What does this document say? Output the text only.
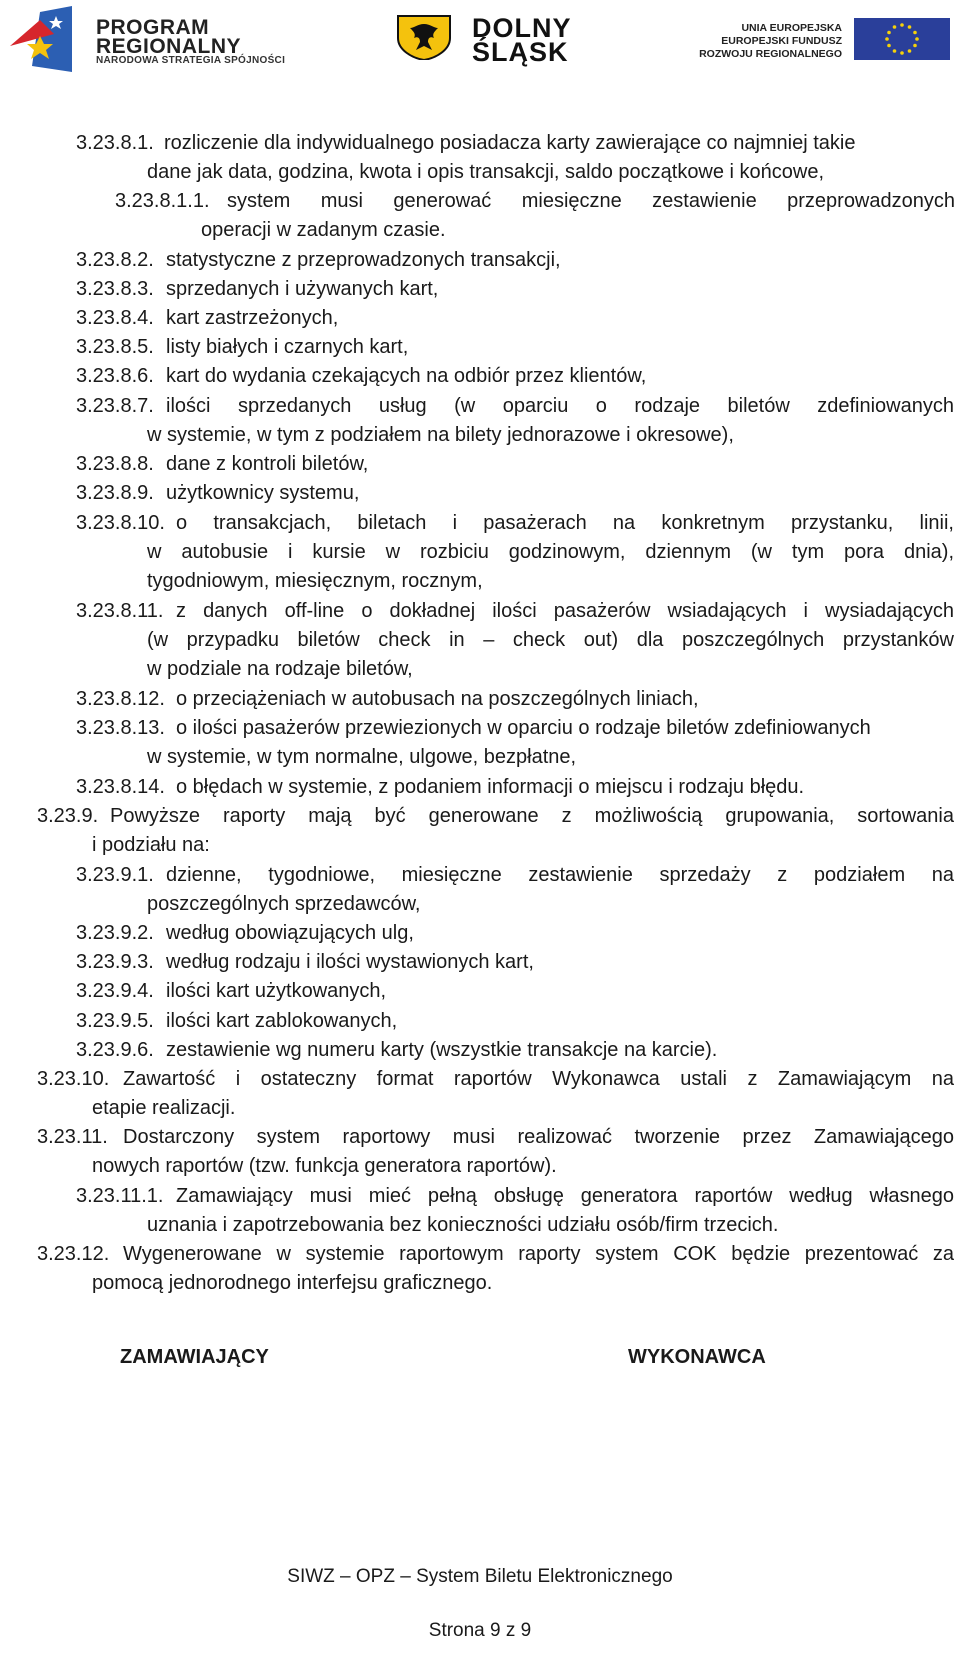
PROGRAM
REGIONALNY
NARODOWA STRATEGIA SPÓJNOŚCI
DOLNY
ŚLĄSK
UNIA EUROPEJSKA
EUROPEJSKI FUNDUSZ
ROZWOJU REGIONALNEGO
3.23.8.1. rozliczenie dla indywidualnego posiadacza karty zawierające co najmniej takie
dane jak data, godzina, kwota i opis transakcji, saldo początkowe i końcowe,
3.23.8.1.1. system musi generować miesięczne zestawienie przeprowadzonych
operacji w zadanym czasie.
3.23.8.2. statystyczne z przeprowadzonych transakcji,
3.23.8.3. sprzedanych i używanych kart,
3.23.8.4. kart zastrzeżonych,
3.23.8.5. listy białych i czarnych kart,
3.23.8.6. kart do wydania czekających na odbiór przez klientów,
3.23.8.7. ilości sprzedanych usług (w oparciu o rodzaje biletów zdefiniowanych
w systemie, w tym z podziałem na bilety jednorazowe i okresowe),
3.23.8.8. dane z kontroli biletów,
3.23.8.9. użytkownicy systemu,
3.23.8.10. o transakcjach, biletach i pasażerach na konkretnym przystanku, linii,
w autobusie i kursie w rozbiciu godzinowym, dziennym (w tym pora dnia),
tygodniowym, miesięcznym, rocznym,
3.23.8.11. z danych off-line o dokładnej ilości pasażerów wsiadających i wysiadających
(w przypadku biletów check in – check out) dla poszczególnych przystanków
w podziale na rodzaje biletów,
3.23.8.12. o przeciążeniach w autobusach na poszczególnych liniach,
3.23.8.13. o ilości pasażerów przewiezionych w oparciu o rodzaje biletów zdefiniowanych
w systemie, w tym normalne, ulgowe, bezpłatne,
3.23.8.14. o błędach w systemie, z podaniem informacji o miejscu i rodzaju błędu.
3.23.9. Powyższe raporty mają być generowane z możliwością grupowania, sortowania
i podziału na:
3.23.9.1. dzienne, tygodniowe, miesięczne zestawienie sprzedaży z podziałem na
poszczególnych sprzedawców,
3.23.9.2. według obowiązujących ulg,
3.23.9.3. według rodzaju i ilości wystawionych kart,
3.23.9.4. ilości kart użytkowanych,
3.23.9.5. ilości kart zablokowanych,
3.23.9.6. zestawienie wg numeru karty (wszystkie transakcje na karcie).
3.23.10. Zawartość i ostateczny format raportów Wykonawca ustali z Zamawiającym na
etapie realizacji.
3.23.11. Dostarczony system raportowy musi realizować tworzenie przez Zamawiającego
nowych raportów (tzw. funkcja generatora raportów).
3.23.11.1. Zamawiający musi mieć pełną obsługę generatora raportów według własnego
uznania i zapotrzebowania bez konieczności udziału osób/firm trzecich.
3.23.12. Wygenerowane w systemie raportowym raporty system COK będzie prezentować za
pomocą jednorodnego interfejsu graficznego.
ZAMAWIAJĄCY	WYKONAWCA
SIWZ – OPZ – System Biletu Elektronicznego
Strona 9 z 9
